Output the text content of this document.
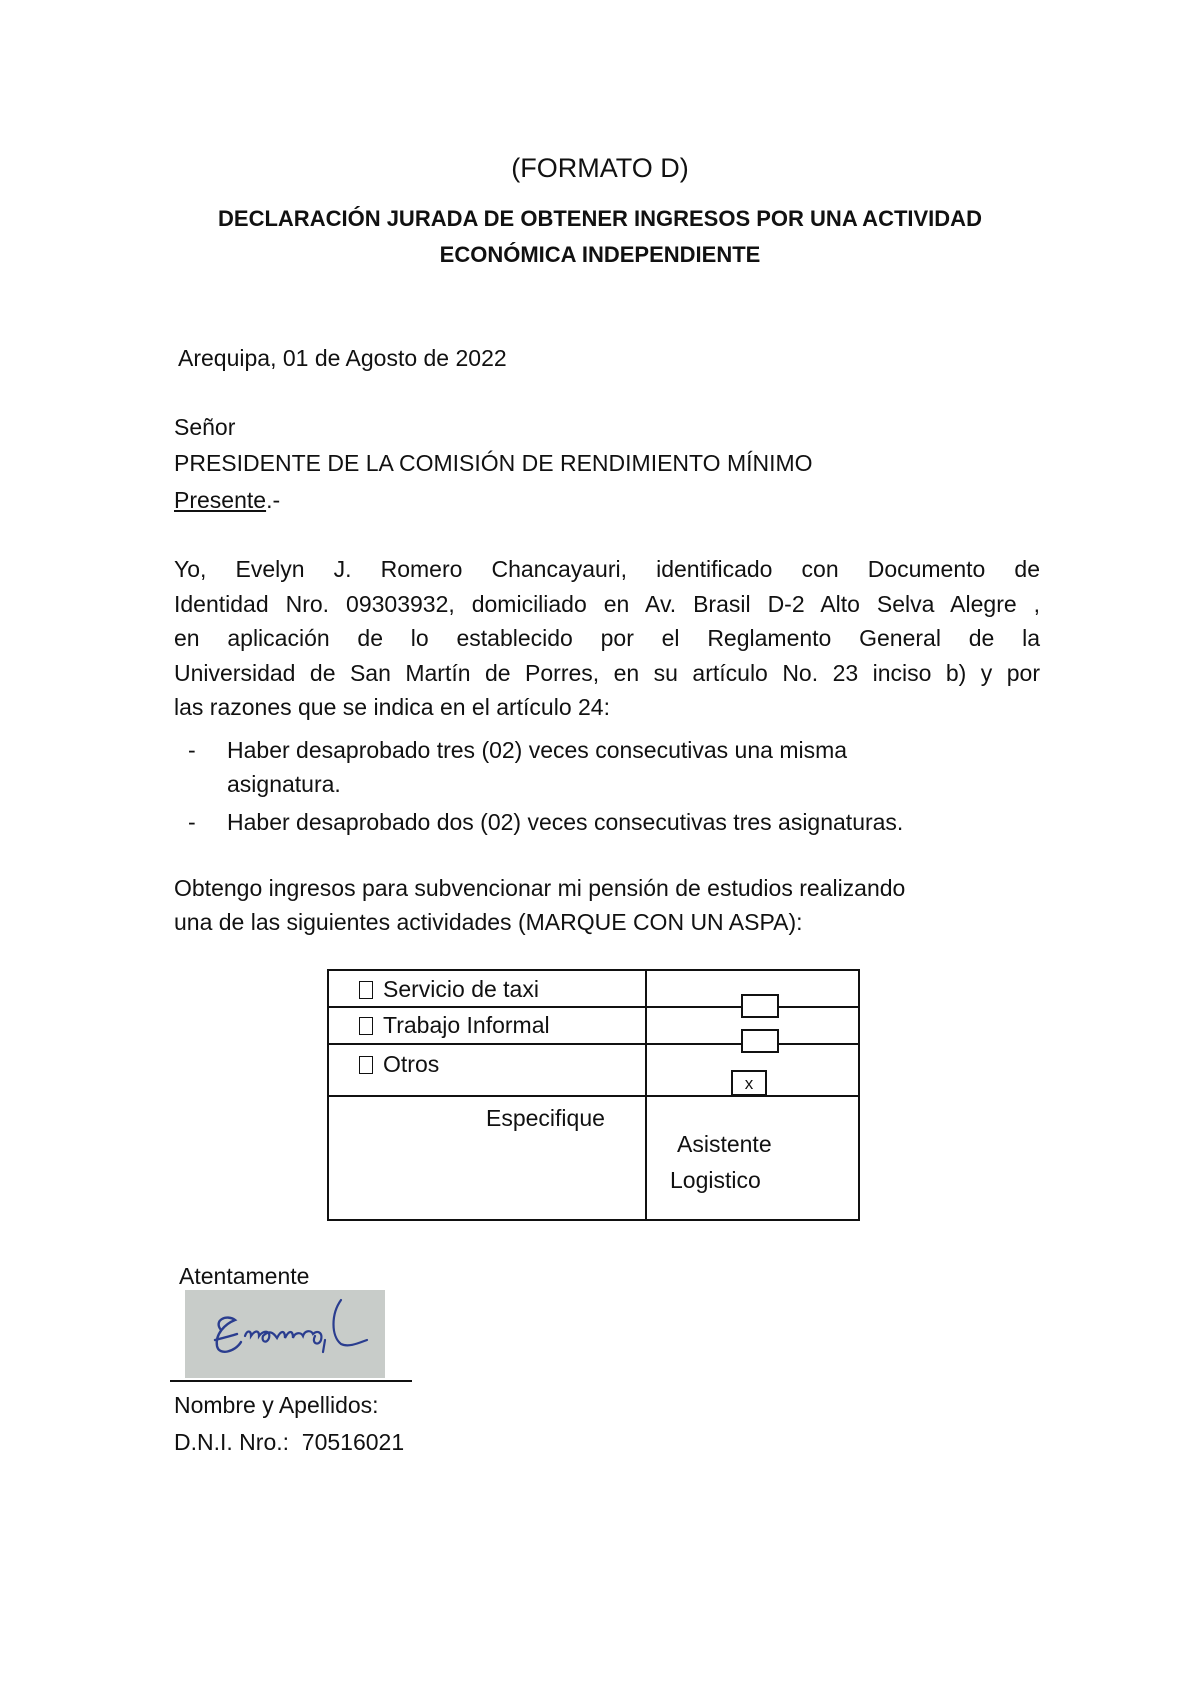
(FORMATO D)
DECLARACIÓN JURADA DE OBTENER INGRESOS POR UNA ACTIVIDAD
ECONÓMICA INDEPENDIENTE
Arequipa, 01 de Agosto de 2022
Señor
PRESIDENTE DE LA COMISIÓN DE RENDIMIENTO MÍNIMO
Presente.-
Yo, Evelyn J. Romero Chancayauri, identificado con Documento de
Identidad Nro. 09303932, domiciliado en Av. Brasil D-2 Alto Selva Alegre ,
en aplicación de lo establecido por el Reglamento General de la
Universidad de San Martín de Porres, en su artículo No. 23 inciso b) y por
las razones que se indica en el artículo 24:
- Haber desaprobado tres (02) veces consecutivas una misma
asignatura.
- Haber desaprobado dos (02) veces consecutivas tres asignaturas.
Obtengo ingresos para subvencionar mi pensión de estudios realizando
una de las siguientes actividades (MARQUE CON UN ASPA):
Servicio de taxi	

Trabajo Informal	

Otros	x

Especifique	Asistente
Logistico
Atentamente
Nombre y Apellidos:
D.N.I. Nro.:  70516021
